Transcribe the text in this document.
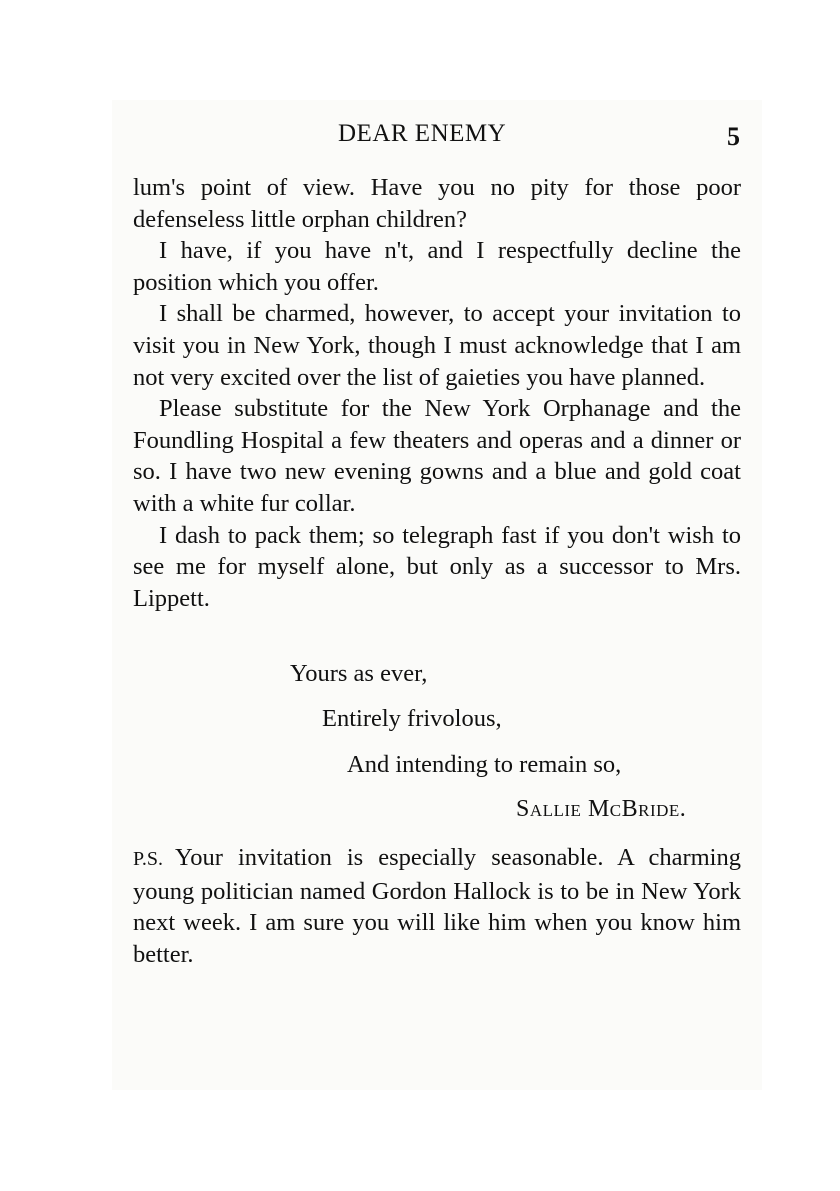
DEAR ENEMY	5

lum's point of view. Have you no pity for those poor defenseless little orphan children?

I have, if you have n't, and I respectfully decline the position which you offer.

I shall be charmed, however, to accept your invitation to visit you in New York, though I must acknowledge that I am not very excited over the list of gaieties you have planned.

Please substitute for the New York Orphanage and the Foundling Hospital a few theaters and operas and a dinner or so. I have two new evening gowns and a blue and gold coat with a white fur collar.

I dash to pack them; so telegraph fast if you don't wish to see me for myself alone, but only as a successor to Mrs. Lippett.

Yours as ever,
Entirely frivolous,
And intending to remain so,
Sallie McBride.
P.S. Your invitation is especially seasonable. A charming young politician named Gordon Hallock is to be in New York next week. I am sure you will like him when you know him better.
